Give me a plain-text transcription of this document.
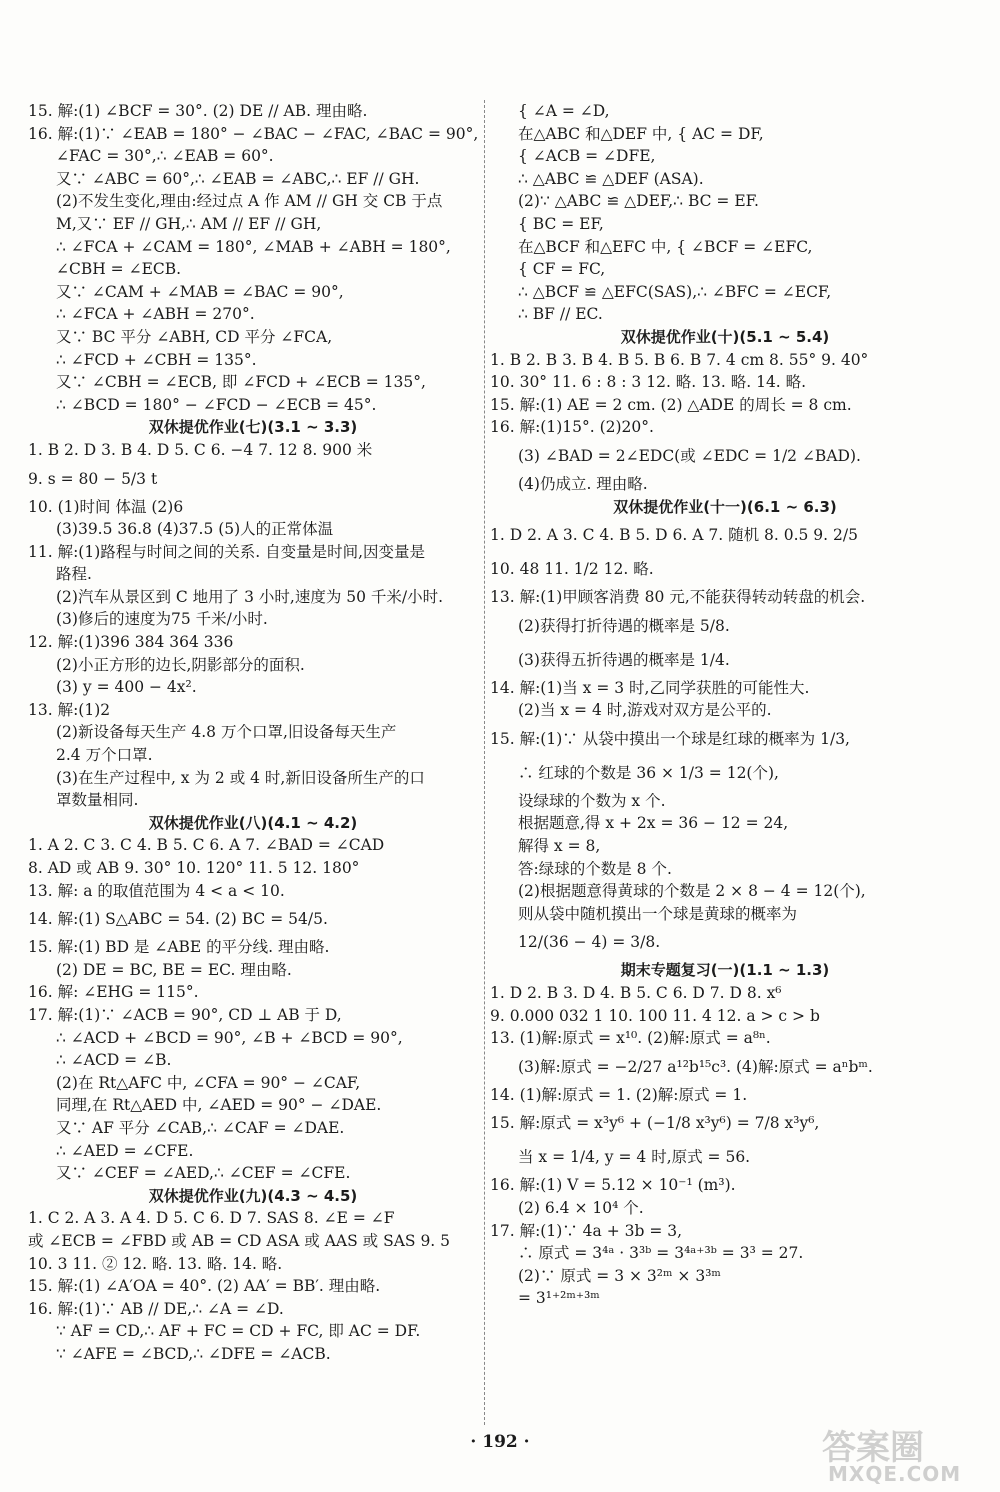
15. 解:(1) ∠BCF = 30°. (2) DE // AB. 理由略.
16. 解:(1)∵ ∠EAB = 180° − ∠BAC − ∠FAC, ∠BAC = 90°,
∠FAC = 30°,∴ ∠EAB = 60°.
又∵ ∠ABC = 60°,∴ ∠EAB = ∠ABC,∴ EF // GH.
(2)不发生变化,理由:经过点 A 作 AM // GH 交 CB 于点
M,又∵ EF // GH,∴ AM // EF // GH,
∴ ∠FCA + ∠CAM = 180°, ∠MAB + ∠ABH = 180°,
∠CBH = ∠ECB.
又∵ ∠CAM + ∠MAB = ∠BAC = 90°,
∴ ∠FCA + ∠ABH = 270°.
又∵ BC 平分 ∠ABH, CD 平分 ∠FCA,
∴ ∠FCD + ∠CBH = 135°.
又∵ ∠CBH = ∠ECB, 即 ∠FCD + ∠ECB = 135°,
∴ ∠BCD = 180° − ∠FCD − ∠ECB = 45°.
双休提优作业(七)(3.1 ~ 3.3)
1. B 2. D 3. B 4. D 5. C 6. −4 7. 12 8. 900 米
9. s = 80 − 5/3 t
10. (1)时间 体温 (2)6
(3)39.5 36.8 (4)37.5 (5)人的正常体温
11. 解:(1)路程与时间之间的关系. 自变量是时间,因变量是
路程.
(2)汽车从景区到 C 地用了 3 小时,速度为 50 千米/小时.
(3)修后的速度为75 千米/小时.
12. 解:(1)396 384 364 336
(2)小正方形的边长,阴影部分的面积.
(3) y = 400 − 4x².
13. 解:(1)2
(2)新设备每天生产 4.8 万个口罩,旧设备每天生产
2.4 万个口罩.
(3)在生产过程中, x 为 2 或 4 时,新旧设备所生产的口
罩数量相同.
双休提优作业(八)(4.1 ~ 4.2)
1. A 2. C 3. C 4. B 5. C 6. A 7. ∠BAD = ∠CAD
8. AD 或 AB 9. 30° 10. 120° 11. 5 12. 180°
13. 解: a 的取值范围为 4 < a < 10.
14. 解:(1) S△ABC = 54. (2) BC = 54/5.
15. 解:(1) BD 是 ∠ABE 的平分线. 理由略.
(2) DE = BC, BE = EC. 理由略.
16. 解: ∠EHG = 115°.
17. 解:(1)∵ ∠ACB = 90°, CD ⊥ AB 于 D,
∴ ∠ACD + ∠BCD = 90°, ∠B + ∠BCD = 90°,
∴ ∠ACD = ∠B.
(2)在 Rt△AFC 中, ∠CFA = 90° − ∠CAF,
同理,在 Rt△AED 中, ∠AED = 90° − ∠DAE.
又∵ AF 平分 ∠CAB,∴ ∠CAF = ∠DAE.
∴ ∠AED = ∠CFE.
又∵ ∠CEF = ∠AED,∴ ∠CEF = ∠CFE.
双休提优作业(九)(4.3 ~ 4.5)
1. C 2. A 3. A 4. D 5. C 6. D 7. SAS 8. ∠E = ∠F
或 ∠ECB = ∠FBD 或 AB = CD ASA 或 AAS 或 SAS 9. 5
10. 3 11. ② 12. 略. 13. 略. 14. 略.
15. 解:(1) ∠A′OA = 40°. (2) AA′ = BB′. 理由略.
16. 解:(1)∵ AB // DE,∴ ∠A = ∠D.
∵ AF = CD,∴ AF + FC = CD + FC, 即 AC = DF.
∵ ∠AFE = ∠BCD,∴ ∠DFE = ∠ACB.
{ ∠A = ∠D,
在△ABC 和△DEF 中, { AC = DF,
{ ∠ACB = ∠DFE,
∴ △ABC ≌ △DEF (ASA).
(2)∵ △ABC ≌ △DEF,∴ BC = EF.
{ BC = EF,
在△BCF 和△EFC 中, { ∠BCF = ∠EFC,
{ CF = FC,
∴ △BCF ≌ △EFC(SAS),∴ ∠BFC = ∠ECF,
∴ BF // EC.
双休提优作业(十)(5.1 ~ 5.4)
1. B 2. B 3. B 4. B 5. B 6. B 7. 4 cm 8. 55° 9. 40°
10. 30° 11. 6 : 8 : 3 12. 略. 13. 略. 14. 略.
15. 解:(1) AE = 2 cm. (2) △ADE 的周长 = 8 cm.
16. 解:(1)15°. (2)20°.
(3) ∠BAD = 2∠EDC(或 ∠EDC = 1/2 ∠BAD).
(4)仍成立. 理由略.
双休提优作业(十一)(6.1 ~ 6.3)
1. D 2. A 3. C 4. B 5. D 6. A 7. 随机 8. 0.5 9. 2/5
10. 48 11. 1/2 12. 略.
13. 解:(1)甲顾客消费 80 元,不能获得转动转盘的机会.
(2)获得打折待遇的概率是 5/8.
(3)获得五折待遇的概率是 1/4.
14. 解:(1)当 x = 3 时,乙同学获胜的可能性大.
(2)当 x = 4 时,游戏对双方是公平的.
15. 解:(1)∵ 从袋中摸出一个球是红球的概率为 1/3,
∴ 红球的个数是 36 × 1/3 = 12(个),
设绿球的个数为 x 个.
根据题意,得 x + 2x = 36 − 12 = 24,
解得 x = 8,
答:绿球的个数是 8 个.
(2)根据题意得黄球的个数是 2 × 8 − 4 = 12(个),
则从袋中随机摸出一个球是黄球的概率为
12/(36 − 4) = 3/8.
期末专题复习(一)(1.1 ~ 1.3)
1. D 2. B 3. D 4. B 5. C 6. D 7. D 8. x⁶
9. 0.000 032 1 10. 100 11. 4 12. a > c > b
13. (1)解:原式 = x¹⁰. (2)解:原式 = a⁸ⁿ.
(3)解:原式 = −2/27 a¹²b¹⁵c³. (4)解:原式 = aⁿbᵐ.
14. (1)解:原式 = 1. (2)解:原式 = 1.
15. 解:原式 = x³y⁶ + (−1/8 x³y⁶) = 7/8 x³y⁶,
当 x = 1/4, y = 4 时,原式 = 56.
16. 解:(1) V = 5.12 × 10⁻¹ (m³).
(2) 6.4 × 10⁴ 个.
17. 解:(1)∵ 4a + 3b = 3,
∴ 原式 = 3⁴ᵃ · 3³ᵇ = 3⁴ᵃ⁺³ᵇ = 3³ = 27.
(2)∵ 原式 = 3 × 3²ᵐ × 3³ᵐ
= 3¹⁺²ᵐ⁺³ᵐ
· 192 ·	答案圈
MXQE.COM
